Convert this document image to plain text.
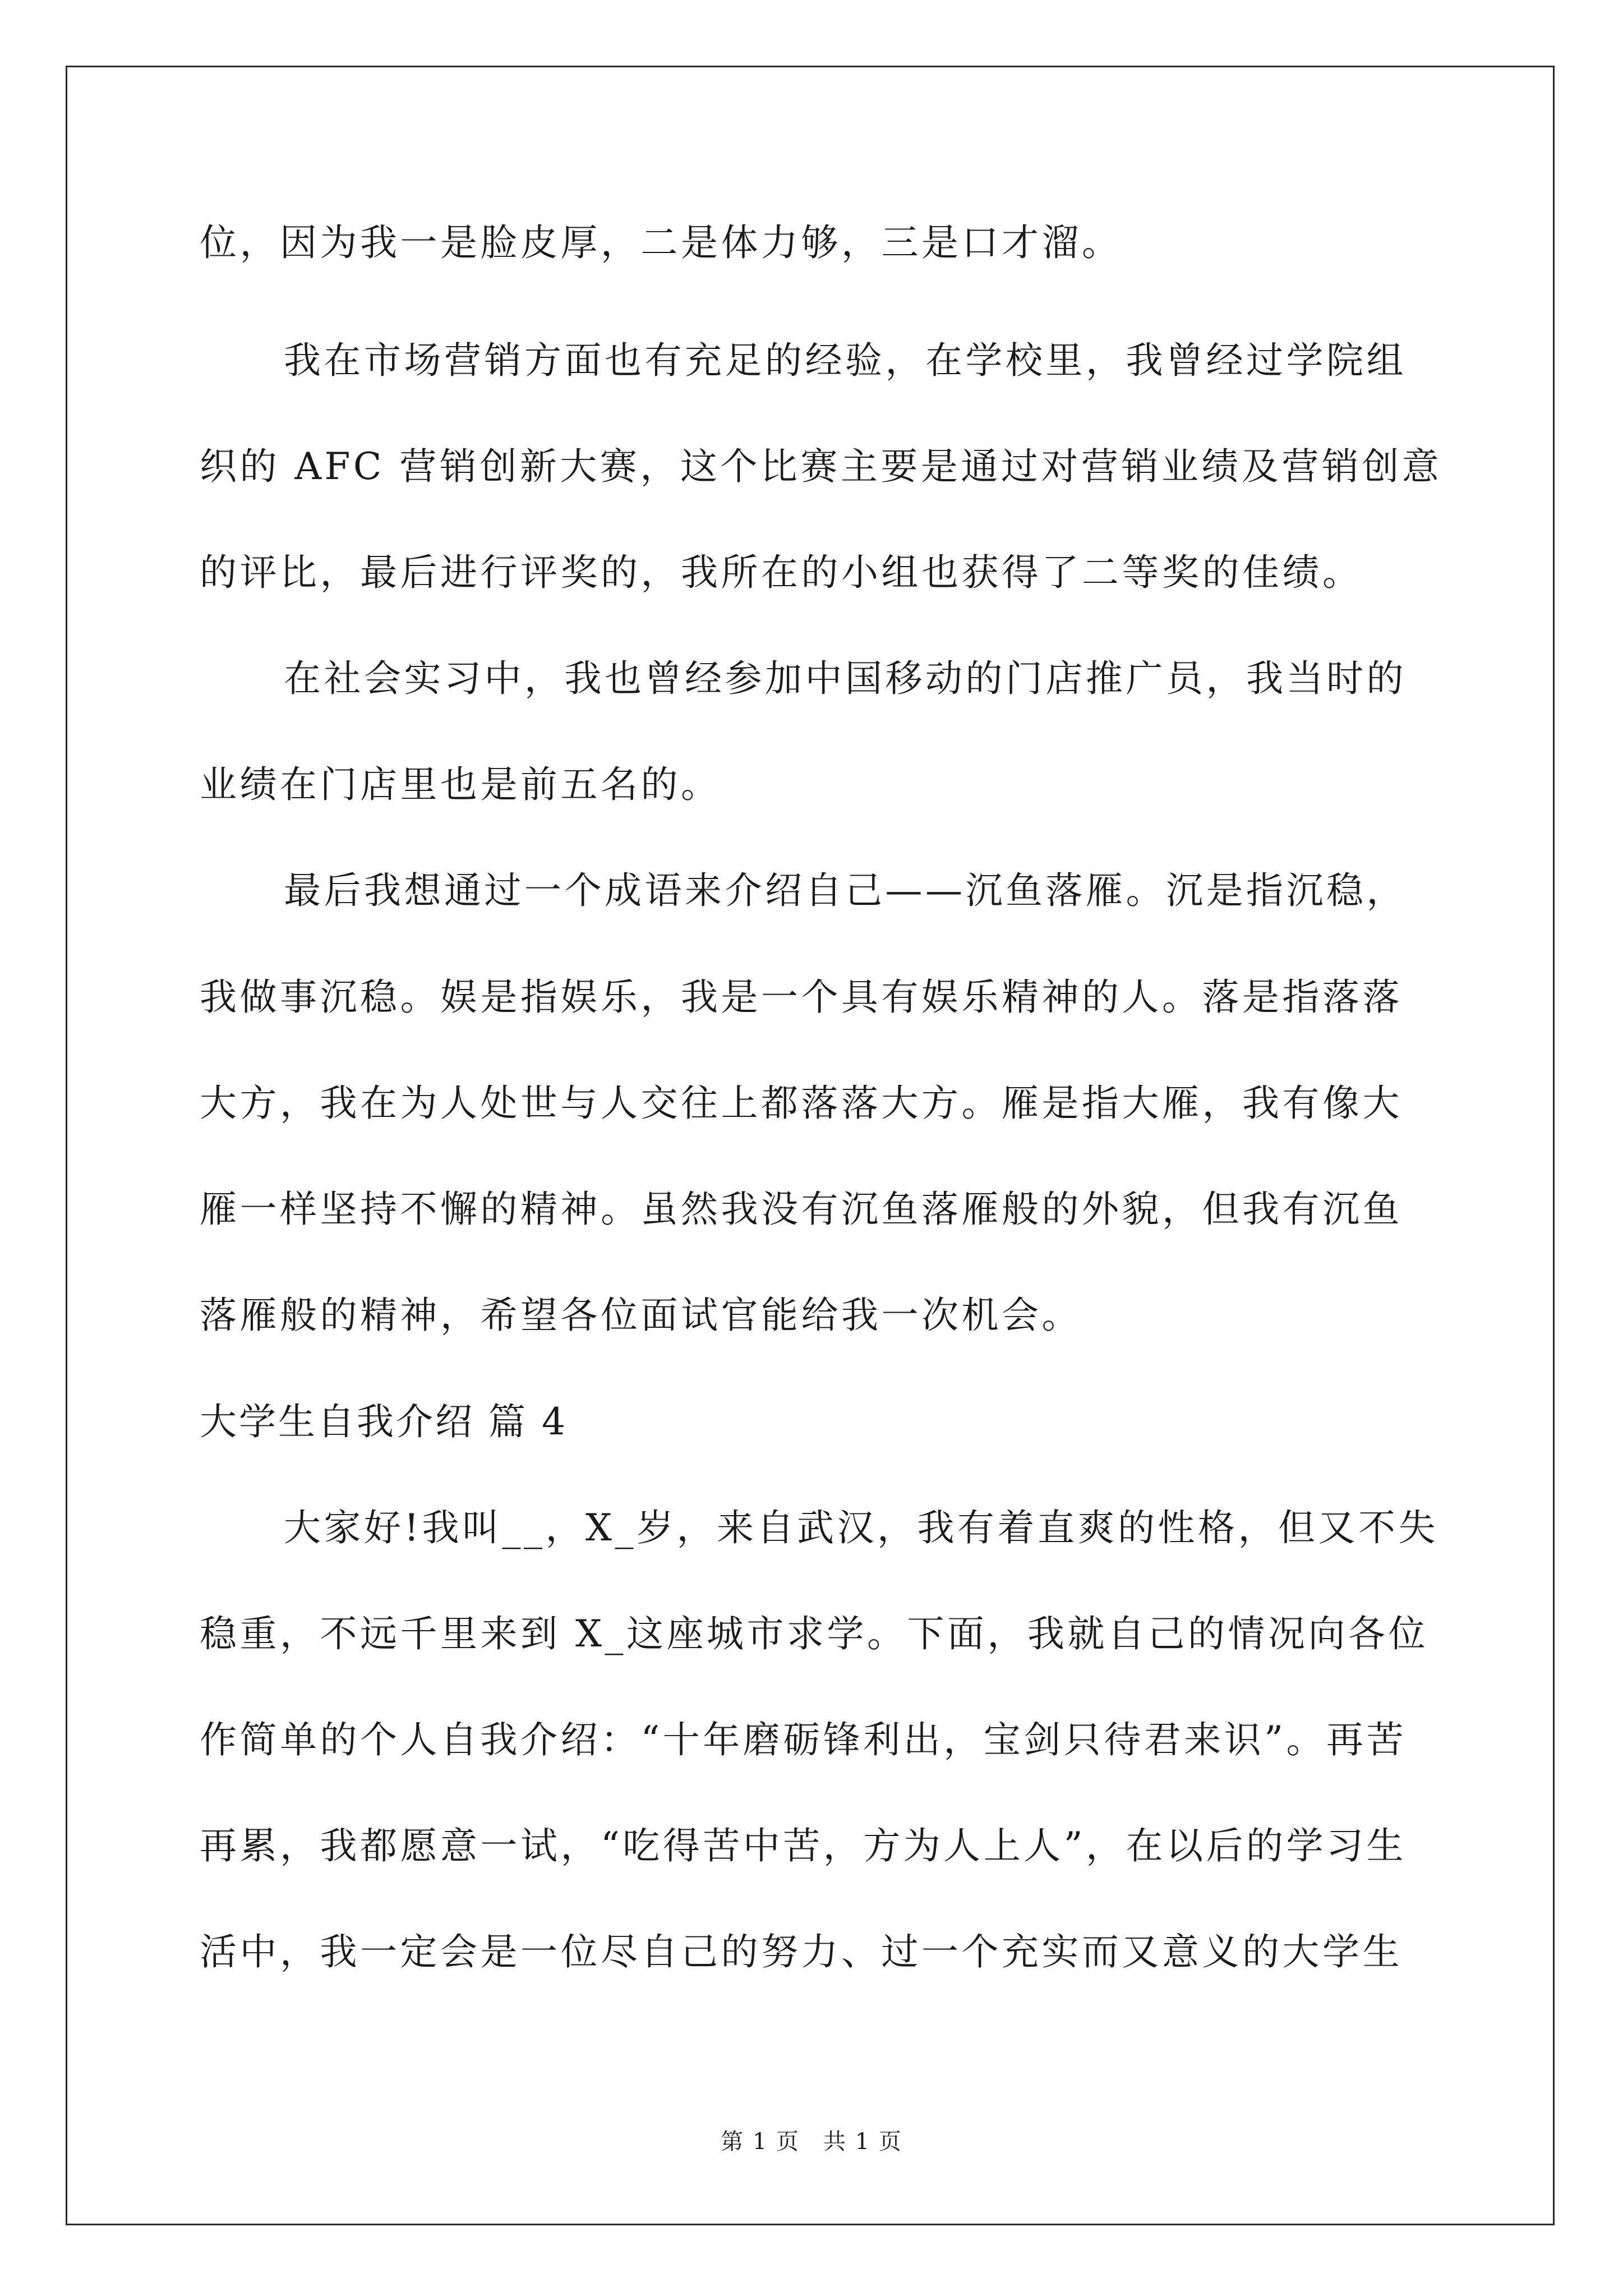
位，因为我一是脸皮厚，二是体力够，三是口才溜。
我在市场营销方面也有充足的经验，在学校里，我曾经过学院组
织的 AFC 营销创新大赛，这个比赛主要是通过对营销业绩及营销创意
的评比，最后进行评奖的，我所在的小组也获得了二等奖的佳绩。
在社会实习中，我也曾经参加中国移动的门店推广员，我当时的
业绩在门店里也是前五名的。
最后我想通过一个成语来介绍自己——沉鱼落雁。沉是指沉稳，
我做事沉稳。娱是指娱乐，我是一个具有娱乐精神的人。落是指落落
大方，我在为人处世与人交往上都落落大方。雁是指大雁，我有像大
雁一样坚持不懈的精神。虽然我没有沉鱼落雁般的外貌，但我有沉鱼
落雁般的精神，希望各位面试官能给我一次机会。
大学生自我介绍 篇 4
大家好!我叫__，X_岁，来自武汉，我有着直爽的性格，但又不失
稳重，不远千里来到 X_这座城市求学。下面，我就自己的情况向各位
作简单的个人自我介绍：“十年磨砺锋利出，宝剑只待君来识”。再苦
再累，我都愿意一试，“吃得苦中苦，方为人上人”，在以后的学习生
活中，我一定会是一位尽自己的努力、过一个充实而又意义的大学生
第 1 页　共 1 页
